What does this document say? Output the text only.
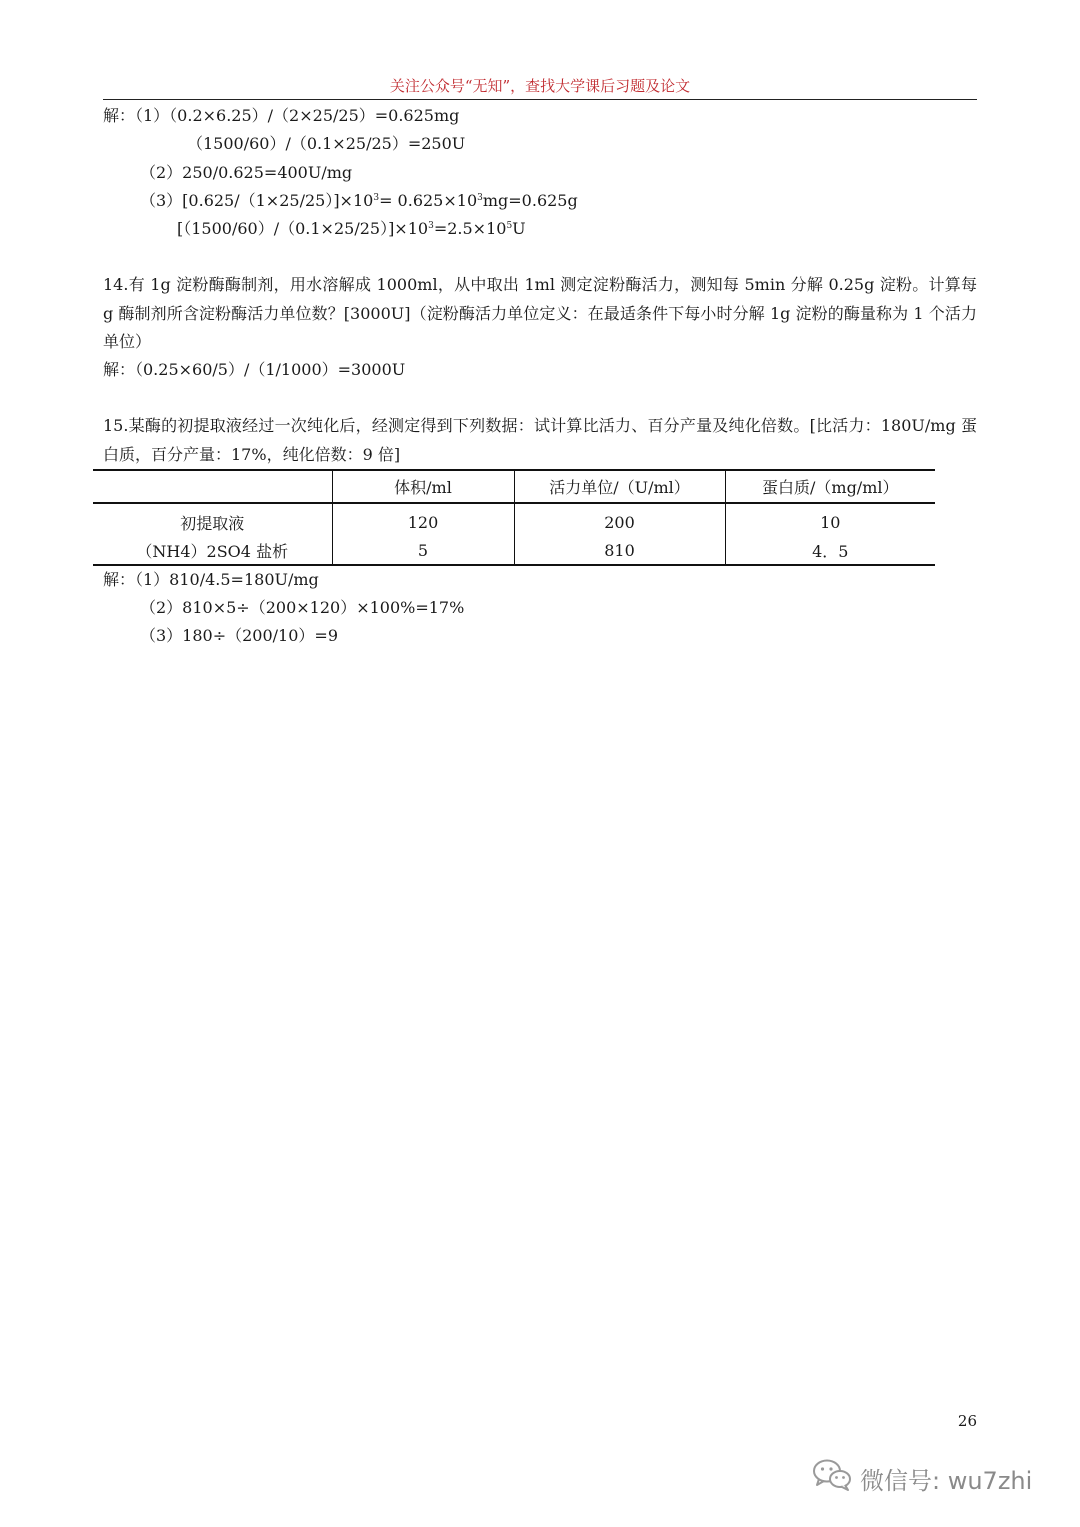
关注公众号“无知”，查找大学课后习题及论文
解：（1）（0.2×6.25）/（2×25/25）=0.625mg
（1500/60）/（0.1×25/25）=250U
（2）250/0.625=400U/mg
$(3)[0.625/(1\times 25/25)]\times 10^3= 0.625\times 10^3mg=0.625g$
$[(1500/60)/(0.1\times 25/25)]\times 10^3=2.5\times 10^5U$
14.有 1g 淀粉酶酶制剂，用水溶解成 1000ml，从中取出 1ml 测定淀粉酶活力，测知每 5min 分解 0.25g 淀粉。计算每 g 酶制剂所含淀粉酶活力单位数？[3000U]（淀粉酶活力单位定义：在最适条件下每小时分解 1g 淀粉的酶量称为 1 个活力单位）
解：（0.25×60/5）/（1/1000）=3000U
15.某酶的初提取液经过一次纯化后，经测定得到下列数据：试计算比活力、百分产量及纯化倍数。[比活力：180U/mg 蛋白质，百分产量：17%，纯化倍数：9 倍]
	体积/ml	活力单位/（U/ml）	蛋白质/（mg/ml）
初提取液	120	200	10
（NH4）2SO4 盐析	5	810	4．5
解：（1）810/4.5=180U/mg
（2）810×5÷（200×120）×100%=17%
（3）180÷（200/10）=9
26
微信号: wu7zhi
